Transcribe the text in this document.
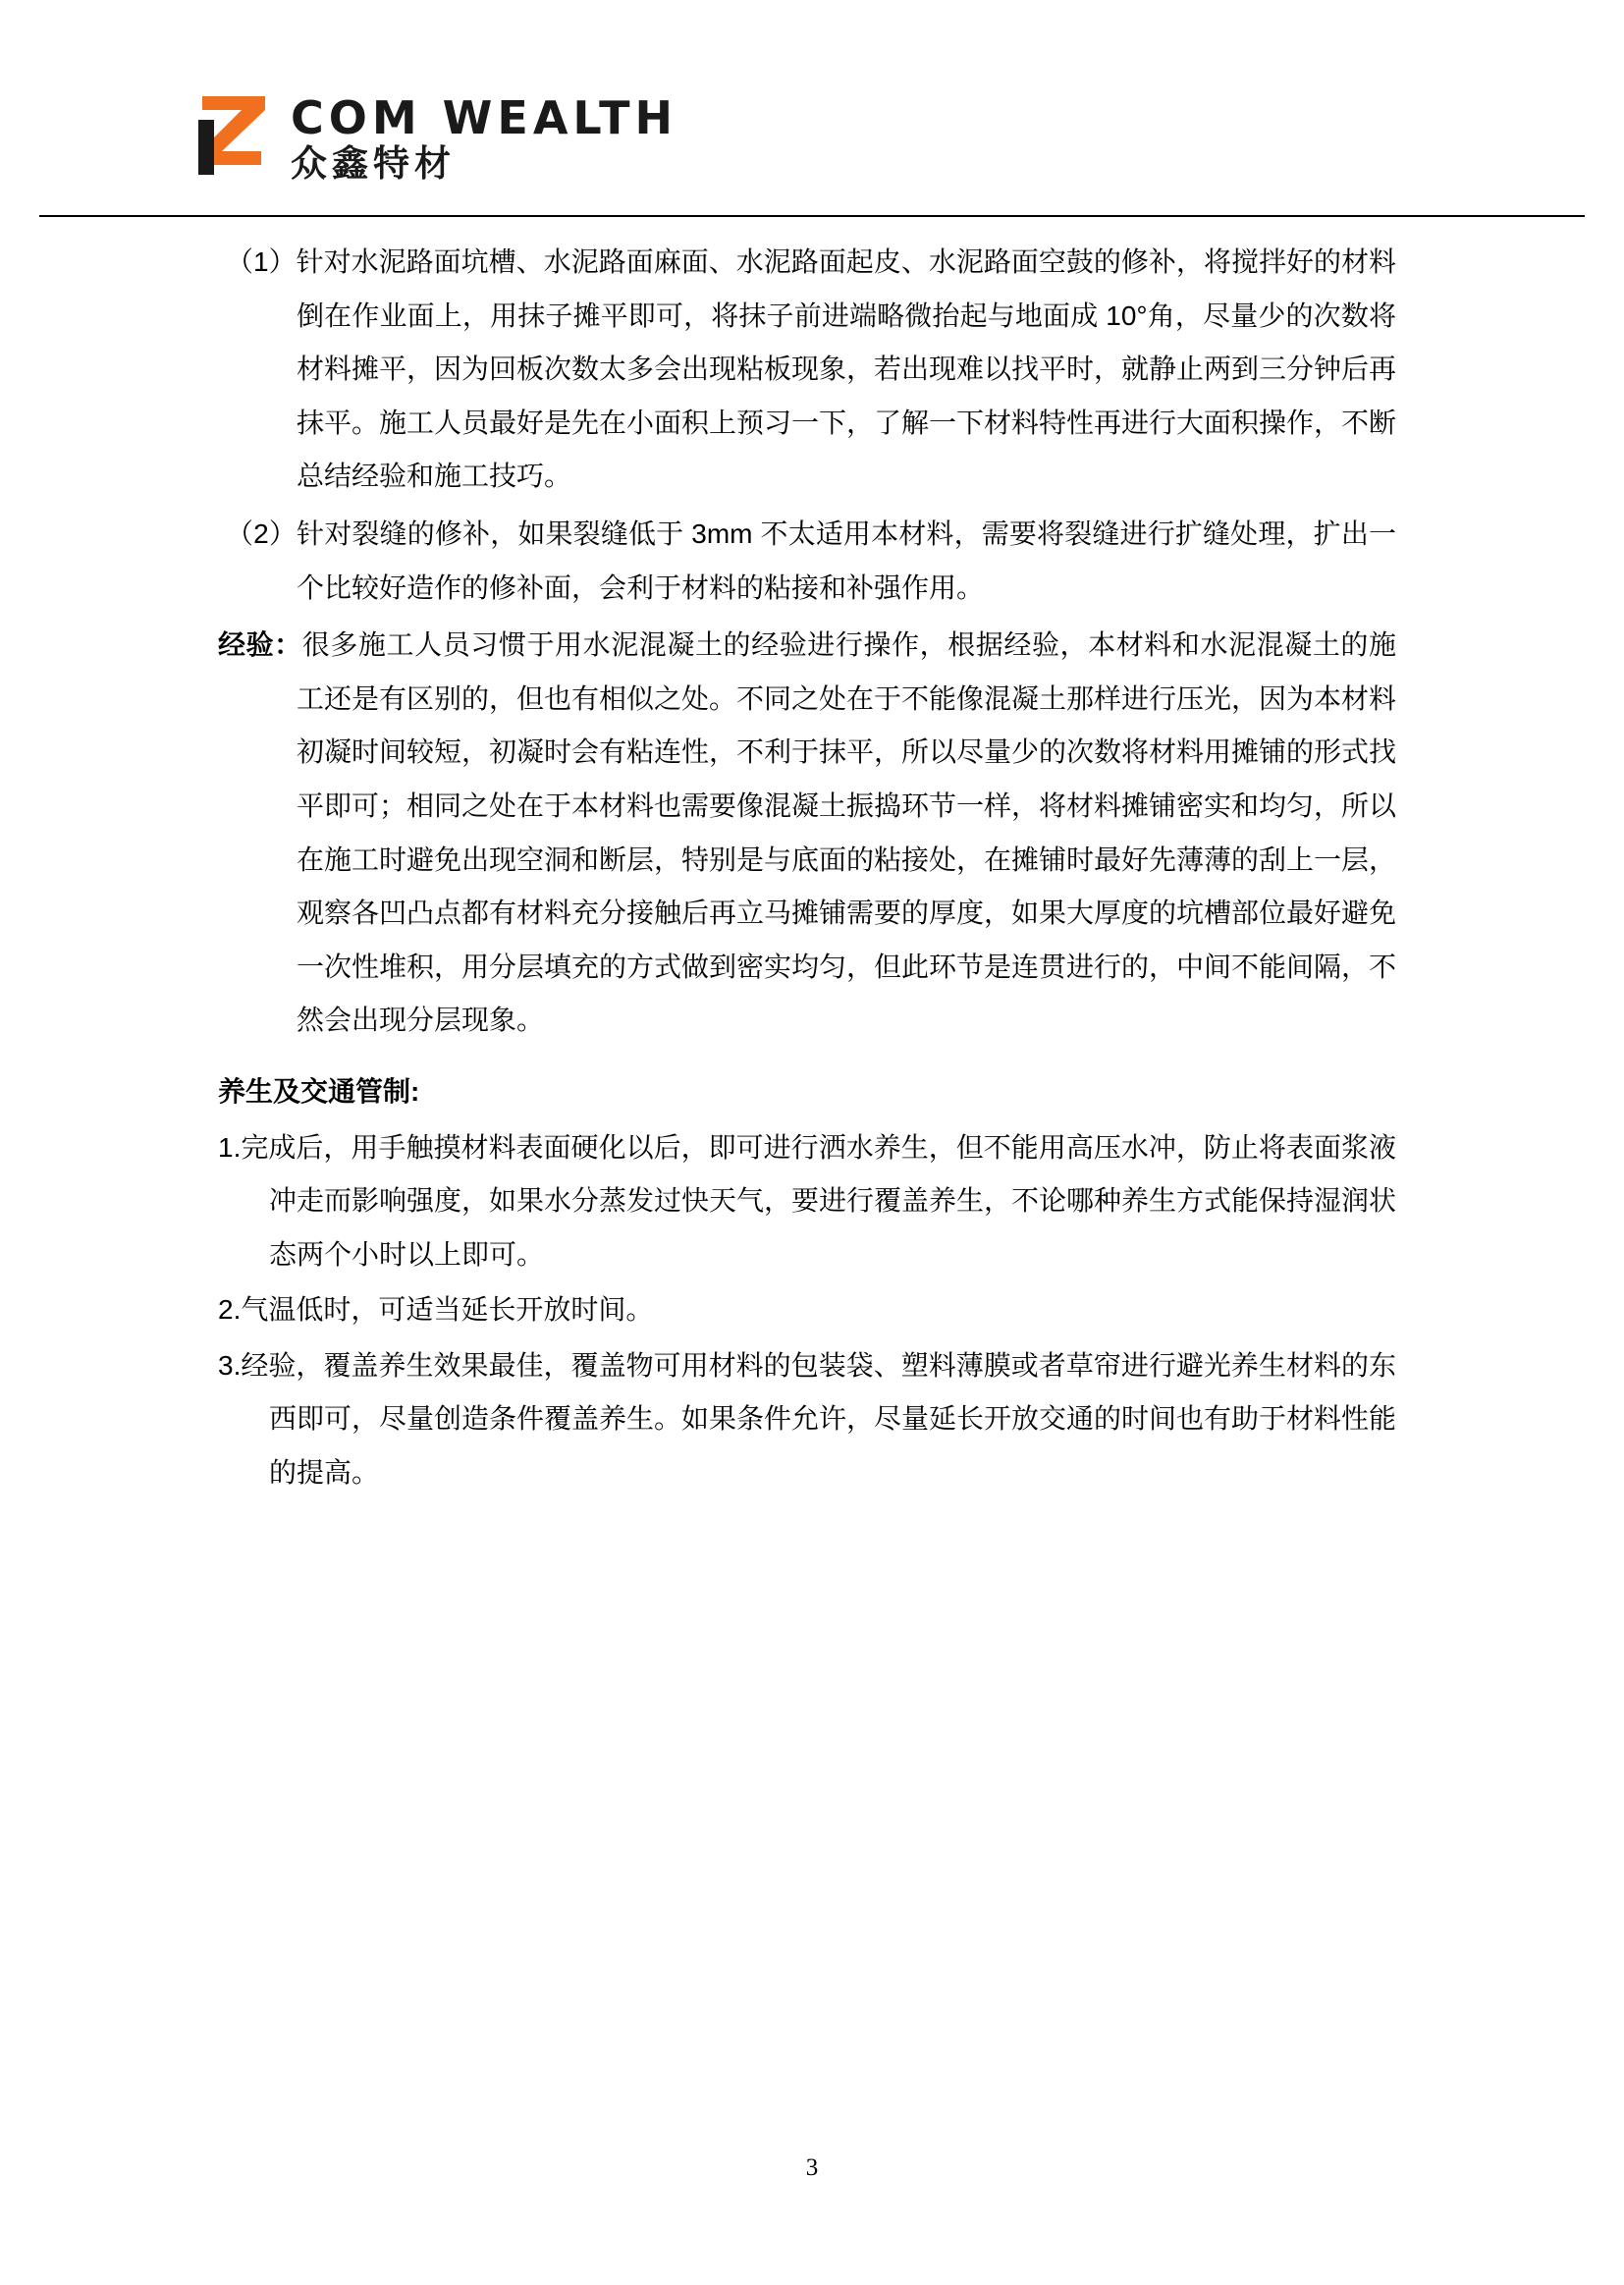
COM WEALTH
众鑫特材

（1）针对水泥路面坑槽、水泥路面麻面、水泥路面起皮、水泥路面空鼓的修补，将搅拌好的材料倒在作业面上，用抹子摊平即可，将抹子前进端略微抬起与地面成 10°角，尽量少的次数将材料摊平，因为回板次数太多会出现粘板现象，若出现难以找平时，就静止两到三分钟后再抹平。施工人员最好是先在小面积上预习一下，了解一下材料特性再进行大面积操作，不断总结经验和施工技巧。

（2）针对裂缝的修补，如果裂缝低于 3mm 不太适用本材料，需要将裂缝进行扩缝处理，扩出一个比较好造作的修补面，会利于材料的粘接和补强作用。

经验：很多施工人员习惯于用水泥混凝土的经验进行操作，根据经验，本材料和水泥混凝土的施工还是有区别的，但也有相似之处。不同之处在于不能像混凝土那样进行压光，因为本材料初凝时间较短，初凝时会有粘连性，不利于抹平，所以尽量少的次数将材料用摊铺的形式找平即可；相同之处在于本材料也需要像混凝土振捣环节一样，将材料摊铺密实和均匀，所以在施工时避免出现空洞和断层，特别是与底面的粘接处，在摊铺时最好先薄薄的刮上一层，观察各凹凸点都有材料充分接触后再立马摊铺需要的厚度，如果大厚度的坑槽部位最好避免一次性堆积，用分层填充的方式做到密实均匀，但此环节是连贯进行的，中间不能间隔，不然会出现分层现象。

养生及交通管制:

1.完成后，用手触摸材料表面硬化以后，即可进行洒水养生，但不能用高压水冲，防止将表面浆液冲走而影响强度，如果水分蒸发过快天气，要进行覆盖养生，不论哪种养生方式能保持湿润状态两个小时以上即可。

2.气温低时，可适当延长开放时间。

3.经验，覆盖养生效果最佳，覆盖物可用材料的包装袋、塑料薄膜或者草帘进行避光养生材料的东西即可，尽量创造条件覆盖养生。如果条件允许，尽量延长开放交通的时间也有助于材料性能的提高。

3
